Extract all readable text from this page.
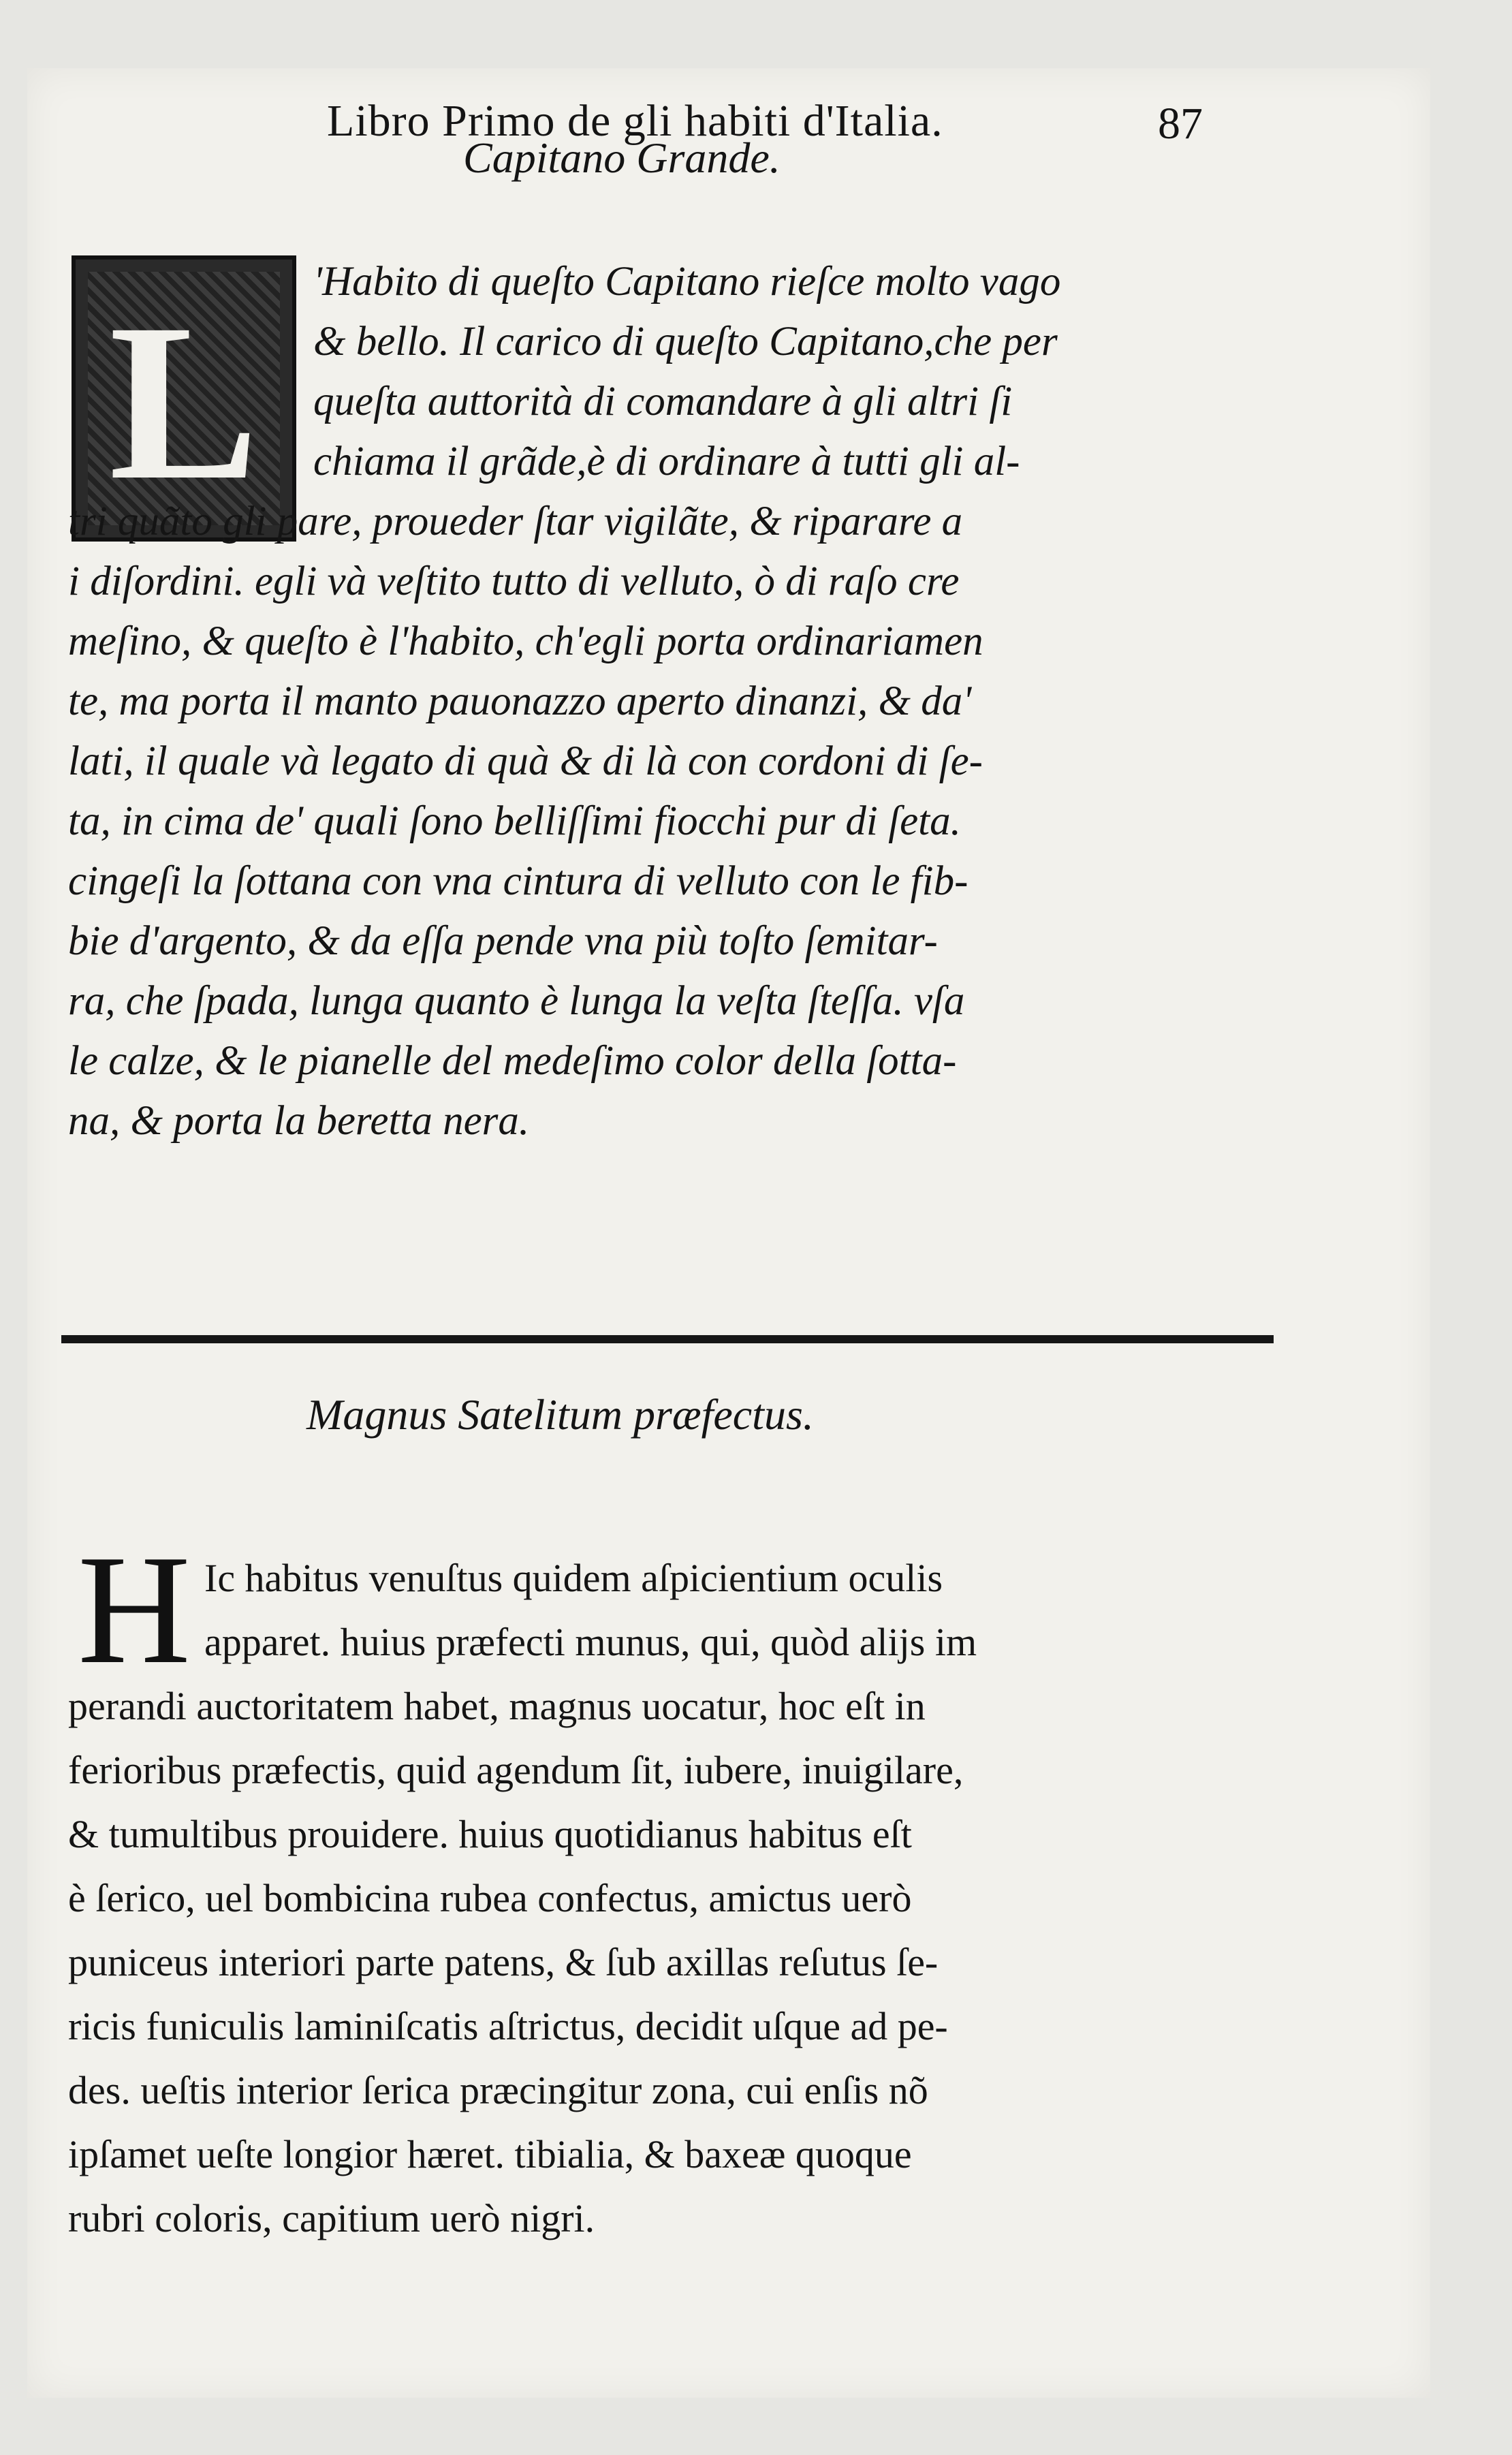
Libro Primo de gli habiti d'Italia.	87
Capitano Grande.
L	'Habito di queſto Capitano rieſce molto vago
& bello. Il carico di queſto Capitano,che per
queſta auttorità di comandare à gli altri ſi
chiama il grãde,è di ordinare à tutti gli al-
tri quãto gli pare, proueder ſtar vigilãte, & riparare a
i diſordini. egli và veſtito tutto di velluto, ò di raſo cre
meſino, & queſto è l'habito, ch'egli porta ordinariamen
te, ma porta il manto pauonazzo aperto dinanzi, & da'
lati, il quale và legato di quà & di là con cordoni di ſe-
ta, in cima de' quali ſono belliſſimi fiocchi pur di ſeta.
cingeſi la ſottana con vna cintura di velluto con le fib-
bie d'argento, & da eſſa pende vna più toſto ſemitar-
ra, che ſpada, lunga quanto è lunga la veſta ſteſſa. vſa
le calze, & le pianelle del medeſimo color della ſotta-
na, & porta la beretta nera.
Magnus Satelitum præfectus.
H Ic habitus venuſtus quidem aſpicientium oculis
apparet. huius præfecti munus, qui, quòd alijs im
perandi auctoritatem habet, magnus uocatur, hoc eſt in
ferioribus præfectis, quid agendum ſit, iubere, inuigilare,
& tumultibus prouidere. huius quotidianus habitus eſt
è ſerico, uel bombicina rubea confectus, amictus uerò
puniceus interiori parte patens, & ſub axillas reſutus ſe-
ricis funiculis laminiſcatis aſtrictus, decidit uſque ad pe-
des. ueſtis interior ſerica præcingitur zona, cui enſis nõ
ipſamet ueſte longior hæret. tibialia, & baxeæ quoque
rubri coloris, capitium uerò nigri.
